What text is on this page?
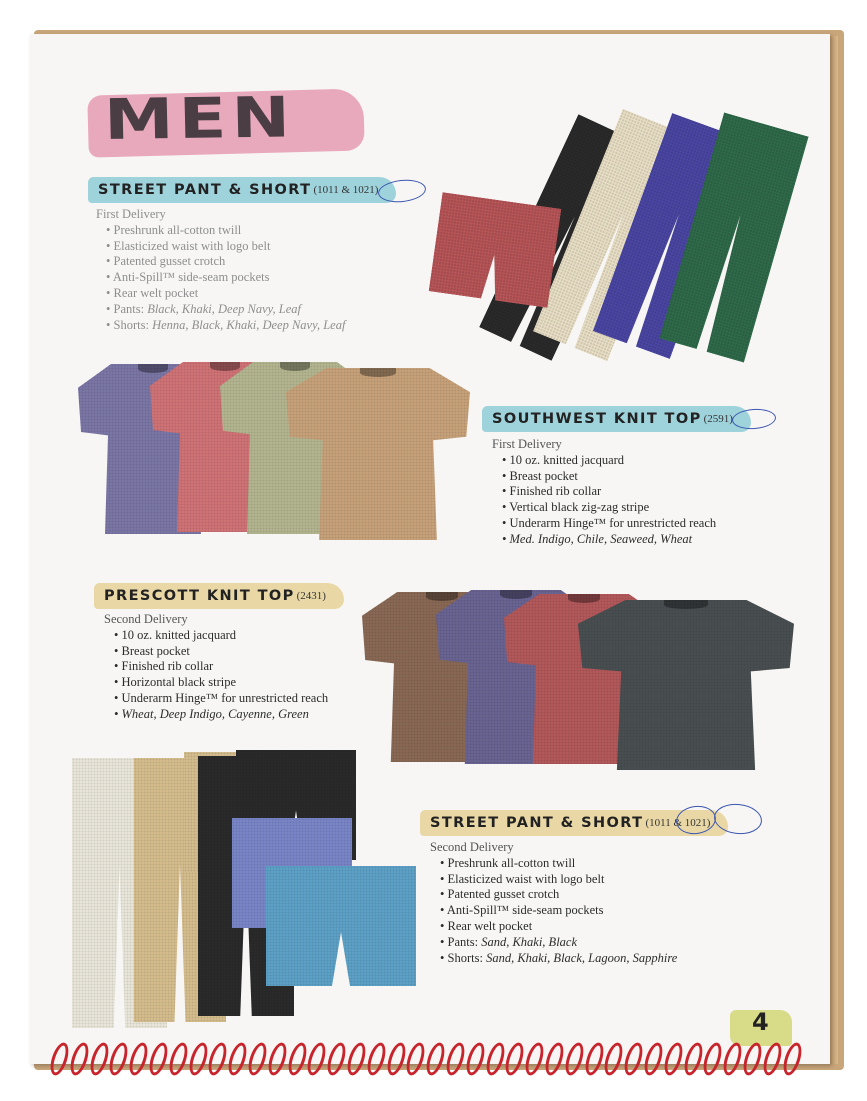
MEN
STREET PANT & SHORT (1011 & 1021)
First Delivery
• Preshrunk all-cotton twill
• Elasticized waist with logo belt
• Patented gusset crotch
• Anti-Spill™ side-seam pockets
• Rear welt pocket
• Pants: Black, Khaki, Deep Navy, Leaf
• Shorts: Henna, Black, Khaki, Deep Navy, Leaf
SOUTHWEST KNIT TOP (2591)
First Delivery
• 10 oz. knitted jacquard
• Breast pocket
• Finished rib collar
• Vertical black zig-zag stripe
• Underarm Hinge™ for unrestricted reach
• Med. Indigo, Chile, Seaweed, Wheat
PRESCOTT KNIT TOP (2431)
Second Delivery
• 10 oz. knitted jacquard
• Breast pocket
• Finished rib collar
• Horizontal black stripe
• Underarm Hinge™ for unrestricted reach
• Wheat, Deep Indigo, Cayenne, Green
STREET PANT & SHORT (1011 & 1021)
Second Delivery
• Preshrunk all-cotton twill
• Elasticized waist with logo belt
• Patented gusset crotch
• Anti-Spill™ side-seam pockets
• Rear welt pocket
• Pants: Sand, Khaki, Black
• Shorts: Sand, Khaki, Black, Lagoon, Sapphire
4
